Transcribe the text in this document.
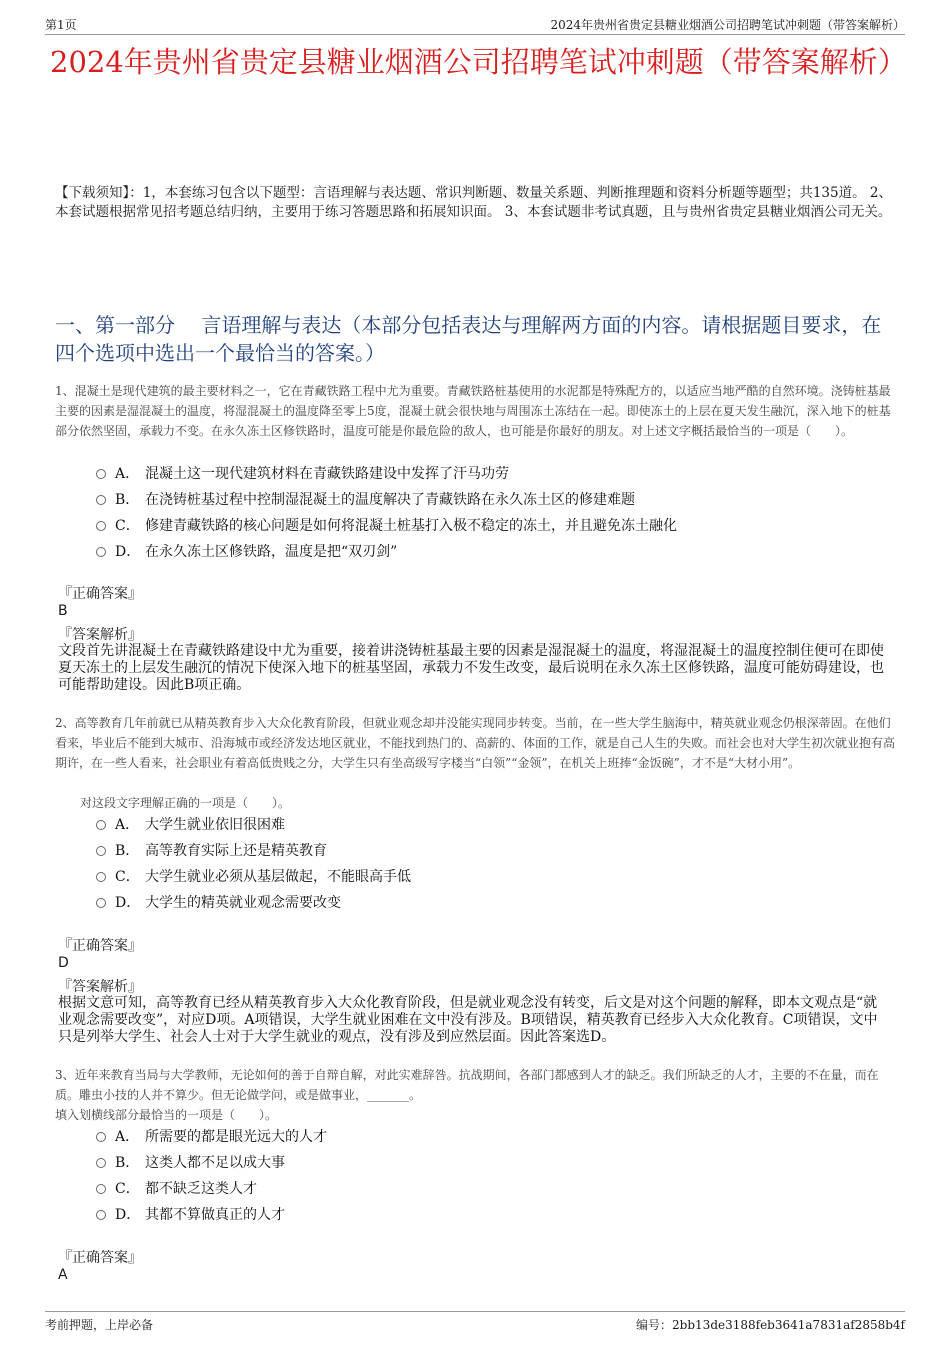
第1页	2024年贵州省贵定县糖业烟酒公司招聘笔试冲刺题（带答案解析）
2024年贵州省贵定县糖业烟酒公司招聘笔试冲刺题（带答案解析）
【下载须知】：1，本套练习包含以下题型：言语理解与表达题、常识判断题、数量关系题、判断推理题和资料分析题等题型；共135道。 2、本套试题根据常见招考题总结归纳，主要用于练习答题思路和拓展知识面。 3、本套试题非考试真题，且与贵州省贵定县糖业烟酒公司无关。
一、第一部分　 言语理解与表达（本部分包括表达与理解两方面的内容。请根据题目要求，在四个选项中选出一个最恰当的答案。）
1、混凝土是现代建筑的最主要材料之一，它在青藏铁路工程中尤为重要。青藏铁路桩基使用的水泥都是特殊配方的，以适应当地严酷的自然环境。浇铸桩基最主要的因素是湿混凝土的温度，将湿混凝土的温度降至零上5度，混凝土就会很快地与周围冻土冻结在一起。即使冻土的上层在夏天发生融沉，深入地下的桩基部分依然坚固，承载力不变。在永久冻土区修铁路时，温度可能是你最危险的敌人，也可能是你最好的朋友。对上述文字概括最恰当的一项是（　　）。
A． 混凝土这一现代建筑材料在青藏铁路建设中发挥了汗马功劳
B． 在浇铸桩基过程中控制湿混凝土的温度解决了青藏铁路在永久冻土区的修建难题
C． 修建青藏铁路的核心问题是如何将混凝土桩基打入极不稳定的冻土，并且避免冻土融化
D． 在永久冻土区修铁路，温度是把“双刃剑”
『正确答案』
B
『答案解析』
文段首先讲混凝土在青藏铁路建设中尤为重要，接着讲浇铸桩基最主要的因素是湿混凝土的温度，将湿混凝土的温度控制住便可在即使夏天冻土的上层发生融沉的情况下使深入地下的桩基坚固，承载力不发生改变，最后说明在永久冻土区修铁路，温度可能妨碍建设，也可能帮助建设。因此B项正确。
2、高等教育几年前就已从精英教育步入大众化教育阶段，但就业观念却并没能实现同步转变。当前，在一些大学生脑海中，精英就业观念仍根深蒂固。在他们看来，毕业后不能到大城市、沿海城市或经济发达地区就业，不能找到热门的、高薪的、体面的工作，就是自己人生的失败。而社会也对大学生初次就业抱有高期许，在一些人看来，社会职业有着高低贵贱之分，大学生只有坐高级写字楼当“白领”“金领”，在机关上班捧“金饭碗”，才不是“大材小用”。
对这段文字理解正确的一项是（　　）。
A． 大学生就业依旧很困难
B． 高等教育实际上还是精英教育
C． 大学生就业必须从基层做起，不能眼高手低
D． 大学生的精英就业观念需要改变
『正确答案』
D
『答案解析』
根据文意可知，高等教育已经从精英教育步入大众化教育阶段，但是就业观念没有转变，后文是对这个问题的解释，即本文观点是“就业观念需要改变”，对应D项。A项错误，大学生就业困难在文中没有涉及。B项错误，精英教育已经步入大众化教育。C项错误，文中只是列举大学生、社会人士对于大学生就业的观点，没有涉及到应然层面。因此答案选D。
3、近年来教育当局与大学教师，无论如何的善于自辩自解，对此实难辞咎。抗战期间，各部门都感到人才的缺乏。我们所缺乏的人才，主要的不在量，而在质。雕虫小技的人并不算少。但无论做学问，或是做事业，_______。
填入划横线部分最恰当的一项是（　　）。
A． 所需要的都是眼光远大的人才
B． 这类人都不足以成大事
C． 都不缺乏这类人才
D． 其都不算做真正的人才
『正确答案』
A
考前押题，上岸必备	编号：2bb13de3188feb3641a7831af2858b4f
